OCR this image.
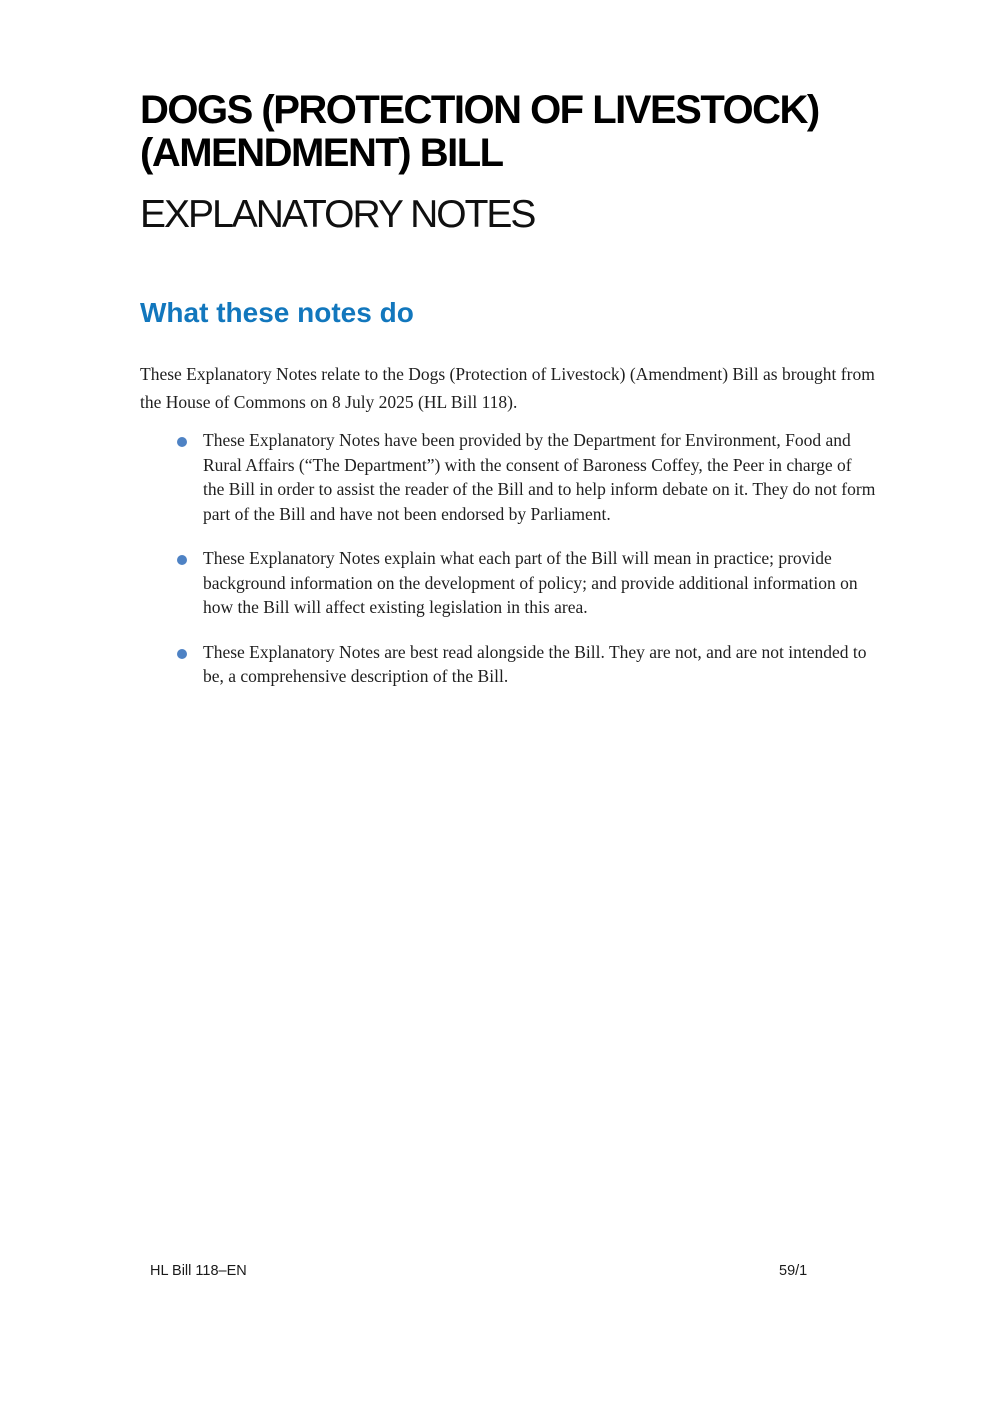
DOGS (PROTECTION OF LIVESTOCK)
(AMENDMENT) BILL
EXPLANATORY NOTES
What these notes do

These Explanatory Notes relate to the Dogs (Protection of Livestock) (Amendment) Bill as brought from the House of Commons on 8 July 2025 (HL Bill 118).

These Explanatory Notes have been provided by the Department for Environment, Food and Rural Affairs (“The Department”) with the consent of Baroness Coffey, the Peer in charge of the Bill in order to assist the reader of the Bill and to help inform debate on it. They do not form part of the Bill and have not been endorsed by Parliament.
These Explanatory Notes explain what each part of the Bill will mean in practice; provide background information on the development of policy; and provide additional information on how the Bill will affect existing legislation in this area.
These Explanatory Notes are best read alongside the Bill. They are not, and are not intended to be, a comprehensive description of the Bill.
HL Bill 118–EN	59/1
